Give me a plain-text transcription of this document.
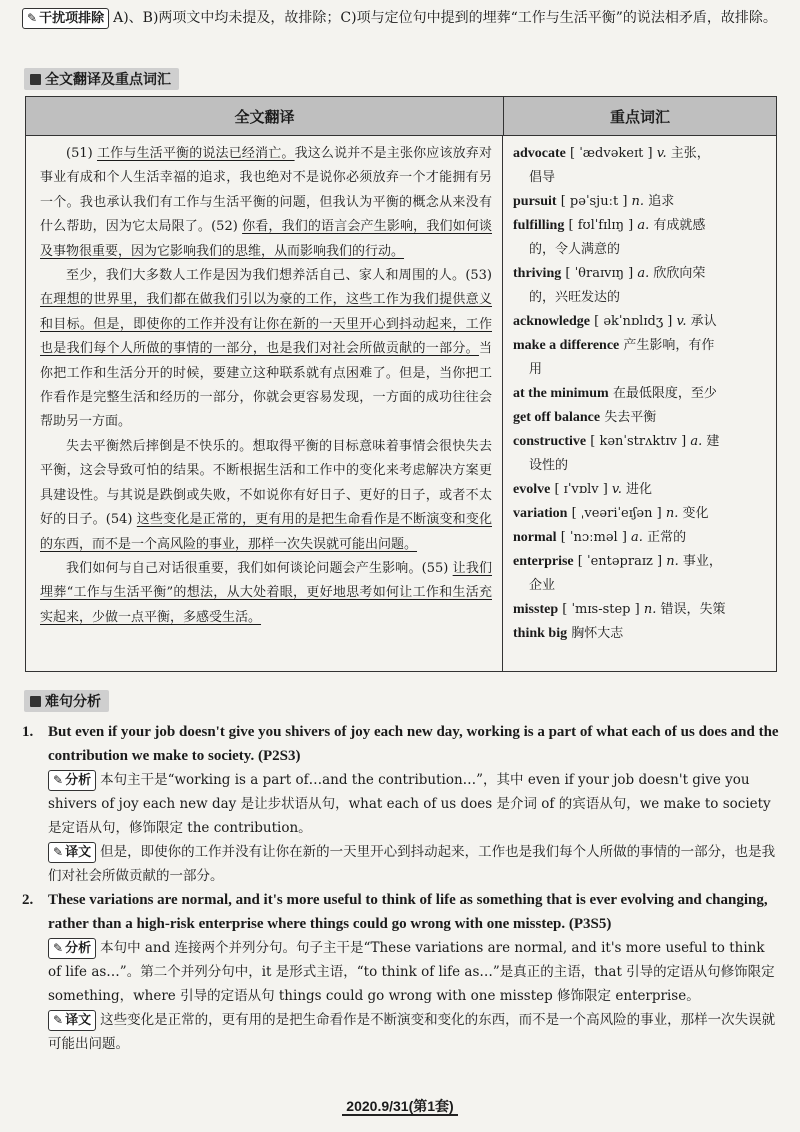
✎ 干扰项排除 A)、B)两项文中均未提及，故排除；C)项与定位句中提到的埋葬“工作与生活平衡”的说法相矛盾，故排除。
全文翻译及重点词汇
全文翻译	重点词汇

(51) 工作与生活平衡的说法已经消亡。我这么说并不是主张你应该放弃对事业有成和个人生活幸福的追求，我也绝对不是说你必须放弃一个才能拥有另一个。我也承认我们有工作与生活平衡的问题，但我认为平衡的概念从来没有什么帮助，因为它太局限了。(52) 你看，我们的语言会产生影响，我们如何谈及事物很重要，因为它影响我们的思维，从而影响我们的行动。

至少，我们大多数人工作是因为我们想养活自己、家人和周围的人。(53) 在理想的世界里，我们都在做我们引以为豪的工作，这些工作为我们提供意义和目标。但是，即使你的工作并没有让你在新的一天里开心到抖动起来，工作也是我们每个人所做的事情的一部分，也是我们对社会所做贡献的一部分。当你把工作和生活分开的时候，要建立这种联系就有点困难了。但是，当你把工作看作是完整生活和经历的一部分，你就会更容易发现，一方面的成功往往会帮助另一方面。

失去平衡然后摔倒是不快乐的。想取得平衡的目标意味着事情会很快失去平衡，这会导致可怕的结果。不断根据生活和工作中的变化来考虑解决方案更具建设性。与其说是跌倒或失败，不如说你有好日子、更好的日子，或者不太好的日子。(54) 这些变化是正常的，更有用的是把生命看作是不断演变和变化的东西，而不是一个高风险的事业，那样一次失误就可能出问题。

我们如何与自己对话很重要，我们如何谈论问题会产生影响。(55) 让我们埋葬“工作与生活平衡”的想法，从大处着眼，更好地思考如何让工作和生活充实起来，少做一点平衡，多感受生活。

advocate [ ˈædvəkeɪt ] v. 主张，
倡导
pursuit [ pəˈsjuːt ] n. 追求
fulfilling [ fʊlˈfɪlɪŋ ] a. 有成就感
的，令人满意的
thriving [ ˈθraɪvɪŋ ] a. 欣欣向荣
的，兴旺发达的
acknowledge [ əkˈnɒlɪdʒ ] v. 承认
make a difference 产生影响，有作
用
at the minimum 在最低限度，至少
get off balance 失去平衡
constructive [ kənˈstrʌktɪv ] a. 建
设性的
evolve [ ɪˈvɒlv ] v. 进化
variation [ ˌveəriˈeɪʃən ] n. 变化
normal [ ˈnɔːməl ] a. 正常的
enterprise [ ˈentəpraɪz ] n. 事业，
企业
misstep [ ˈmɪs-step ] n. 错误，失策
think big 胸怀大志
难句分析
1. But even if your job doesn't give you shivers of joy each new day, working is a part of what each of us does and the contribution we make to society. (P2S3)
✎ 分析 本句主干是“working is a part of…and the contribution…”，其中 even if your job doesn't give you shivers of joy each new day 是让步状语从句，what each of us does 是介词 of 的宾语从句，we make to society 是定语从句，修饰限定 the contribution。
✎ 译文 但是，即使你的工作并没有让你在新的一天里开心到抖动起来，工作也是我们每个人所做的事情的一部分，也是我们对社会所做贡献的一部分。
2. These variations are normal, and it's more useful to think of life as something that is ever evolving and changing, rather than a high-risk enterprise where things could go wrong with one misstep. (P3S5)
✎ 分析 本句中 and 连接两个并列分句。句子主干是“These variations are normal, and it's more useful to think of life as…”。第二个并列分句中，it 是形式主语，“to think of life as…”是真正的主语，that 引导的定语从句修饰限定 something，where 引导的定语从句 things could go wrong with one misstep 修饰限定 enterprise。
✎ 译文 这些变化是正常的，更有用的是把生命看作是不断演变和变化的东西，而不是一个高风险的事业，那样一次失误就可能出问题。
2020.9/31(第1套)
